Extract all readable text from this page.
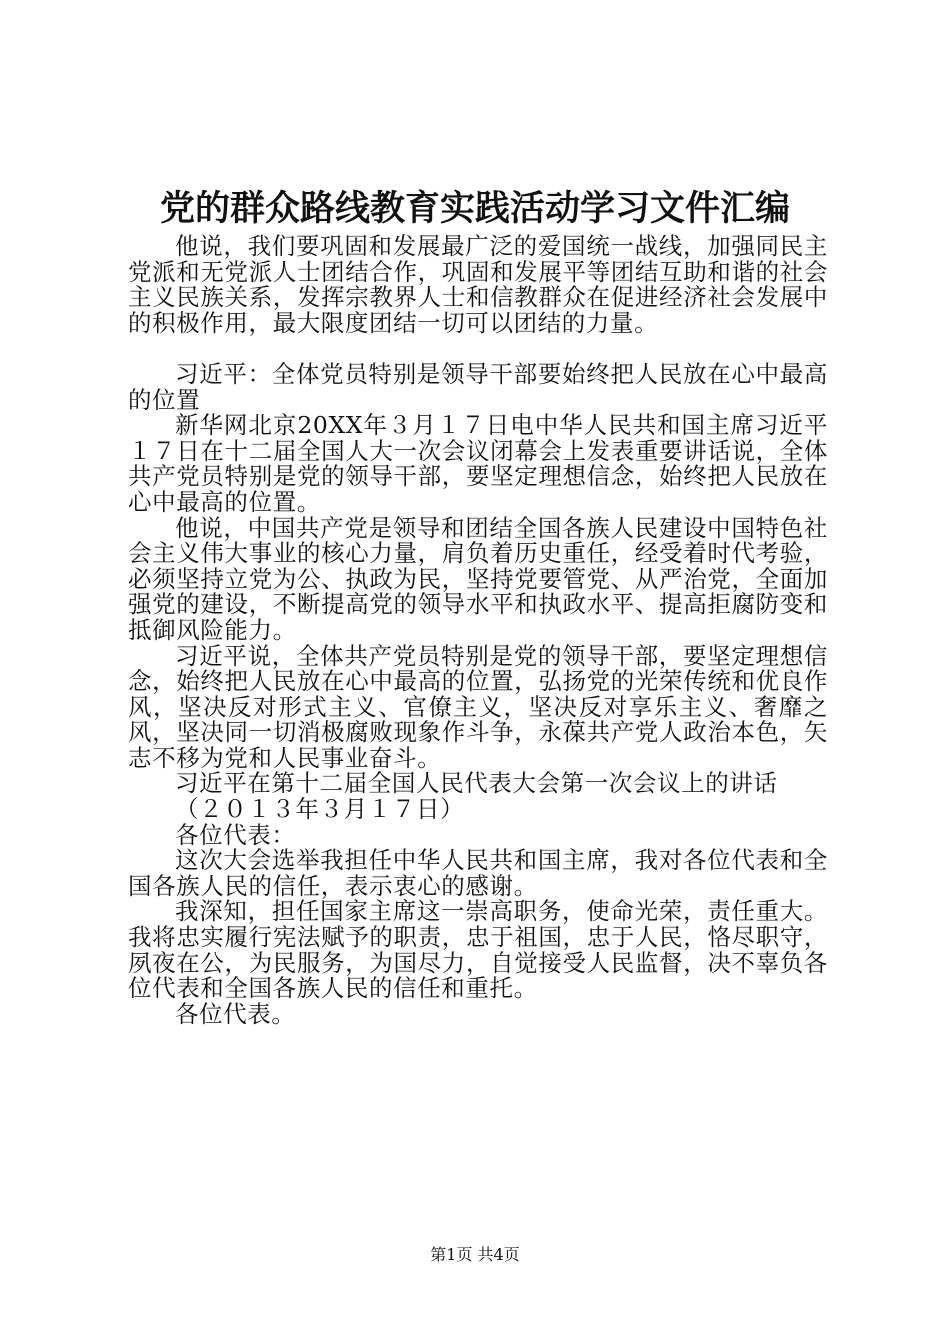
党的群众路线教育实践活动学习文件汇编

他说，我们要巩固和发展最广泛的爱国统一战线，加强同民主党派和无党派人士团结合作，巩固和发展平等团结互助和谐的社会主义民族关系，发挥宗教界人士和信教群众在促进经济社会发展中的积极作用，最大限度团结一切可以团结的力量。

习近平：全体党员特别是领导干部要始终把人民放在心中最高的位置

新华网北京20XX年３月１７日电中华人民共和国主席习近平１７日在十二届全国人大一次会议闭幕会上发表重要讲话说，全体共产党员特别是党的领导干部，要坚定理想信念，始终把人民放在心中最高的位置。

他说，中国共产党是领导和团结全国各族人民建设中国特色社会主义伟大事业的核心力量，肩负着历史重任，经受着时代考验，必须坚持立党为公、执政为民，坚持党要管党、从严治党，全面加强党的建设，不断提高党的领导水平和执政水平、提高拒腐防变和抵御风险能力。

习近平说，全体共产党员特别是党的领导干部，要坚定理想信念，始终把人民放在心中最高的位置，弘扬党的光荣传统和优良作风，坚决反对形式主义、官僚主义，坚决反对享乐主义、奢靡之风，坚决同一切消极腐败现象作斗争，永葆共产党人政治本色，矢志不移为党和人民事业奋斗。

习近平在第十二届全国人民代表大会第一次会议上的讲话

（２０１３年３月１７日）

各位代表：

这次大会选举我担任中华人民共和国主席，我对各位代表和全国各族人民的信任，表示衷心的感谢。

我深知，担任国家主席这一崇高职务，使命光荣，责任重大。我将忠实履行宪法赋予的职责，忠于祖国，忠于人民，恪尽职守，夙夜在公，为民服务，为国尽力，自觉接受人民监督，决不辜负各位代表和全国各族人民的信任和重托。

各位代表。

第1页 共4页
